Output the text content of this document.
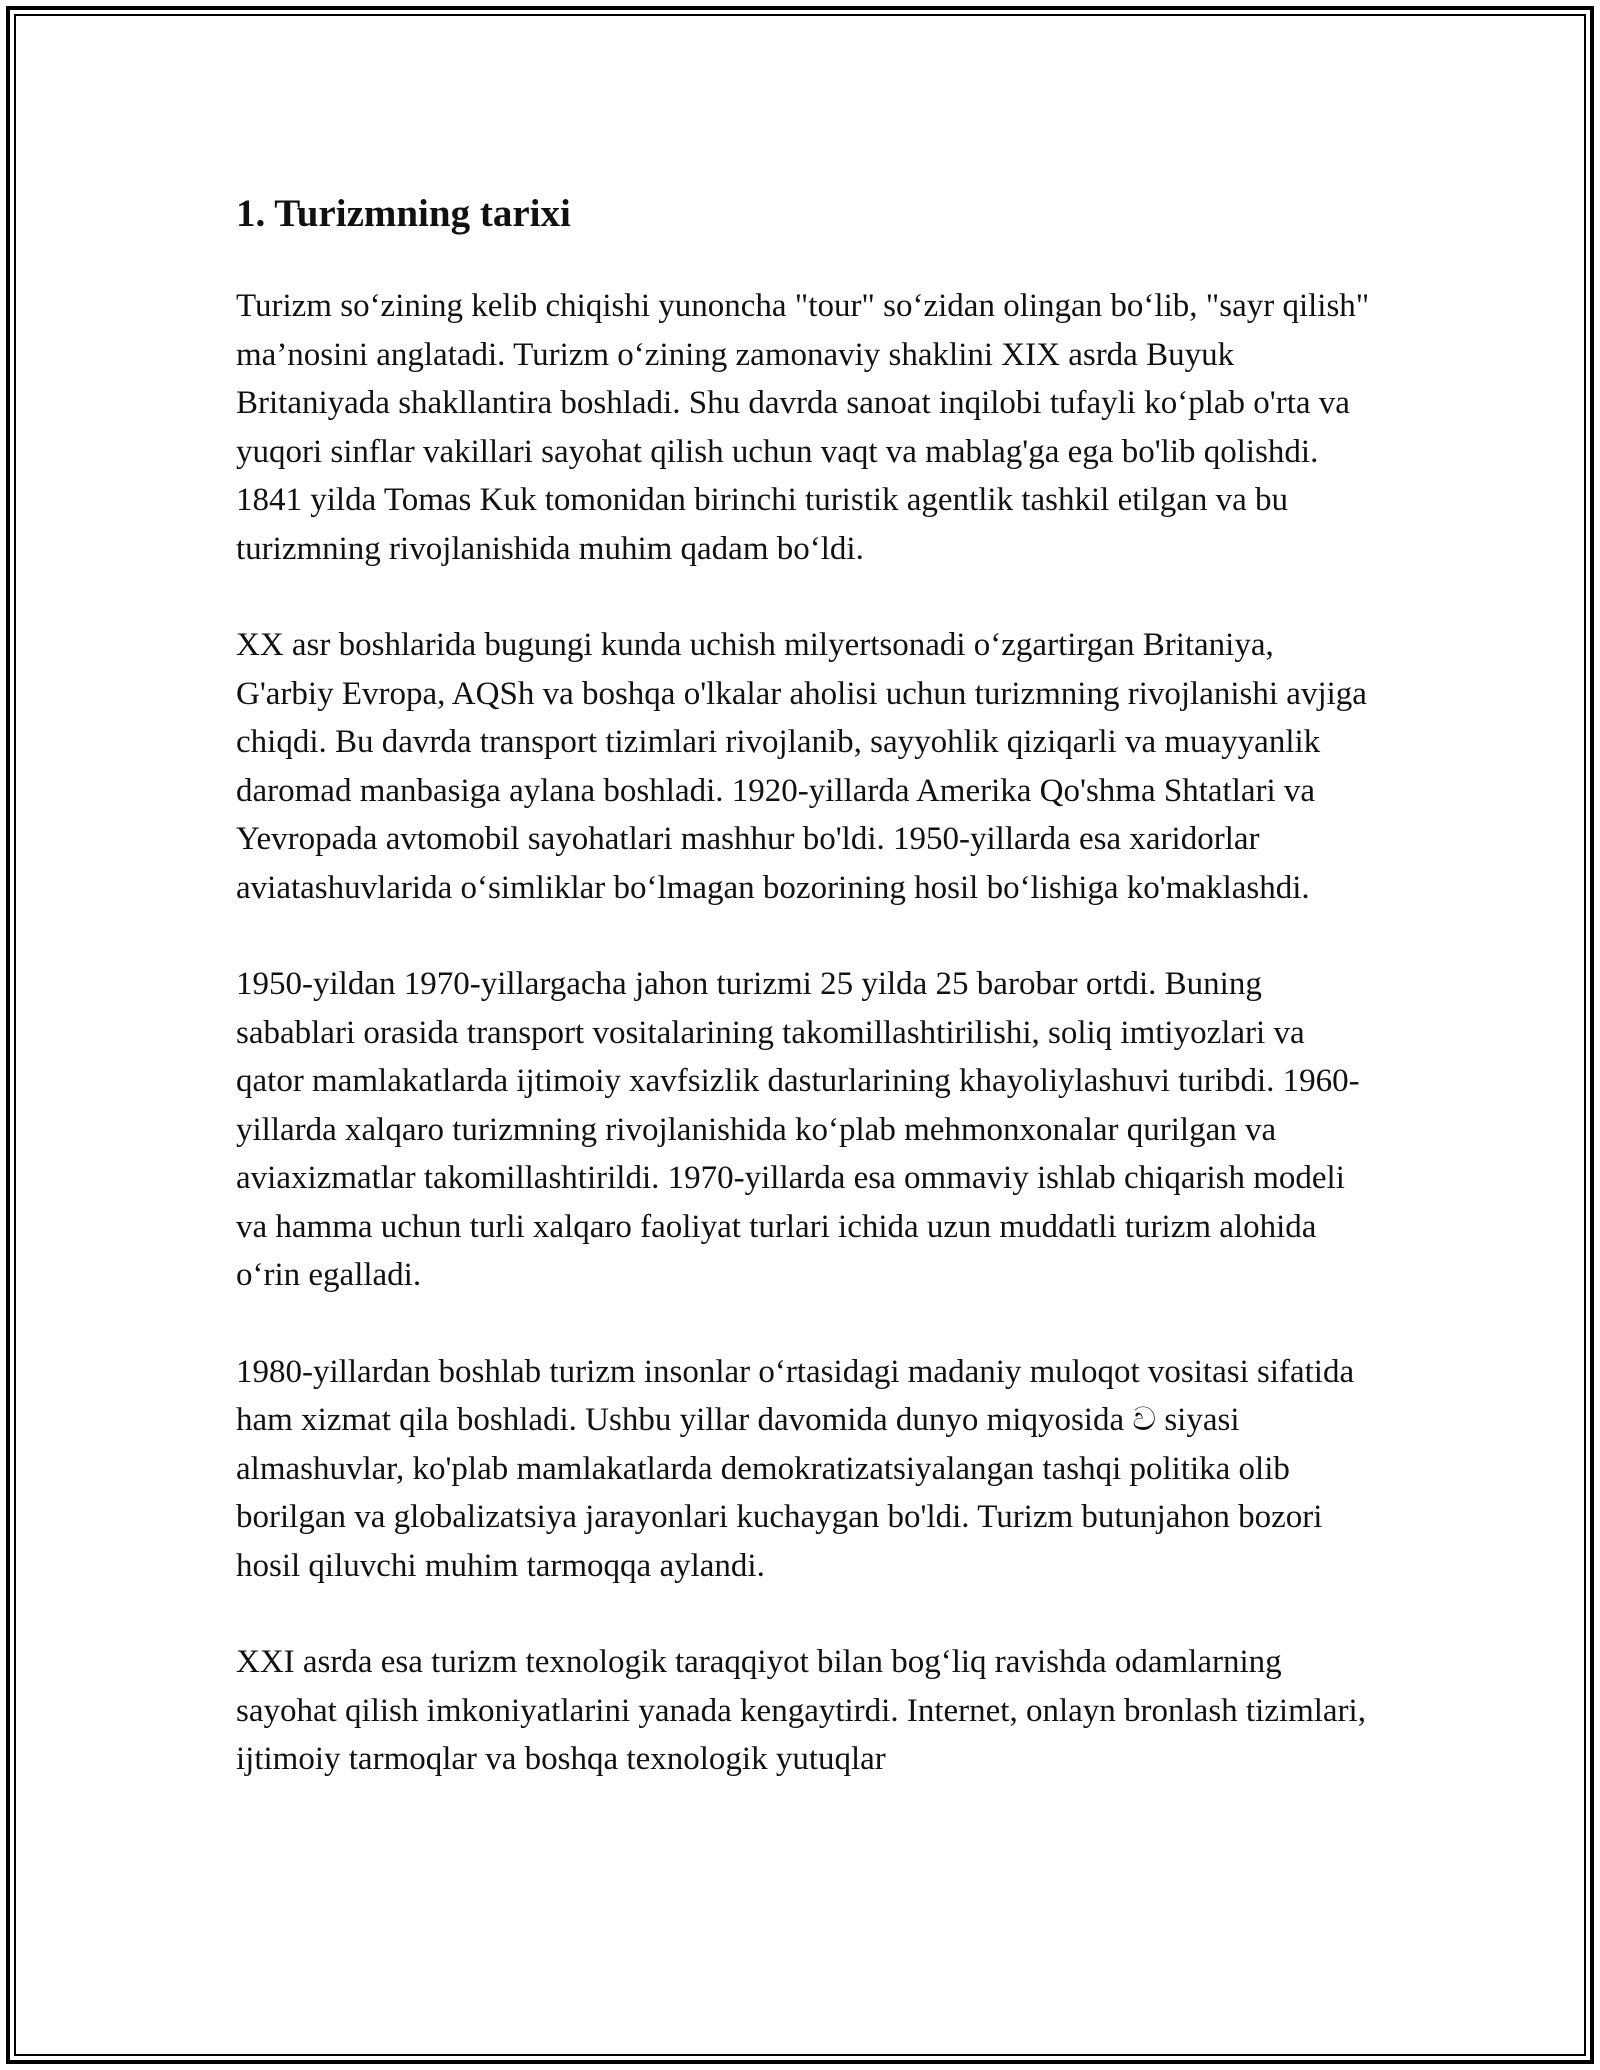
1. Turizmning tarixi

Turizm so‘zining kelib chiqishi yunoncha "tour" so‘zidan olingan bo‘lib, "sayr qilish" ma’nosini anglatadi. Turizm o‘zining zamonaviy shaklini XIX asrda Buyuk Britaniyada shakllantira boshladi. Shu davrda sanoat inqilobi tufayli ko‘plab o'rta va yuqori sinflar vakillari sayohat qilish uchun vaqt va mablag'ga ega bo'lib qolishdi. 1841 yilda Tomas Kuk tomonidan birinchi turistik agentlik tashkil etilgan va bu turizmning rivojlanishida muhim qadam bo‘ldi.

XX asr boshlarida bugungi kunda uchish milyertsonadi o‘zgartirgan Britaniya, G'arbiy Evropa, AQSh va boshqa o'lkalar aholisi uchun turizmning rivojlanishi avjiga chiqdi. Bu davrda transport tizimlari rivojlanib, sayyohlik qiziqarli va muayyanlik daromad manbasiga aylana boshladi. 1920-yillarda Amerika Qo'shma Shtatlari va Yevropada avtomobil sayohatlari mashhur bo'ldi. 1950-yillarda esa xaridorlar aviatashuvlarida o‘simliklar bo‘lmagan bozorining hosil bo‘lishiga ko'maklashdi.

1950-yildan 1970-yillargacha jahon turizmi 25 yilda 25 barobar ortdi. Buning sabablari orasida transport vositalarining takomillashtirilishi, soliq imtiyozlari va qator mamlakatlarda ijtimoiy xavfsizlik dasturlarining khayoliylashuvi turibdi. 1960-yillarda xalqaro turizmning rivojlanishida ko‘plab mehmonxonalar qurilgan va aviaxizmatlar takomillashtirildi. 1970-yillarda esa ommaviy ishlab chiqarish modeli va hamma uchun turli xalqaro faoliyat turlari ichida uzun muddatli turizm alohida o‘rin egalladi.

1980-yillardan boshlab turizm insonlar o‘rtasidagi madaniy muloqot vositasi sifatida ham xizmat qila boshladi. Ushbu yillar davomida dunyo miqyosida ව siyasi almashuvlar, ko'plab mamlakatlarda demokratizatsiyalangan tashqi politika olib borilgan va globalizatsiya jarayonlari kuchaygan bo'ldi. Turizm butunjahon bozori hosil qiluvchi muhim tarmoqqa aylandi.

XXI asrda esa turizm texnologik taraqqiyot bilan bog‘liq ravishda odamlarning sayohat qilish imkoniyatlarini yanada kengaytirdi. Internet, onlayn bronlash tizimlari, ijtimoiy tarmoqlar va boshqa texnologik yutuqlar
